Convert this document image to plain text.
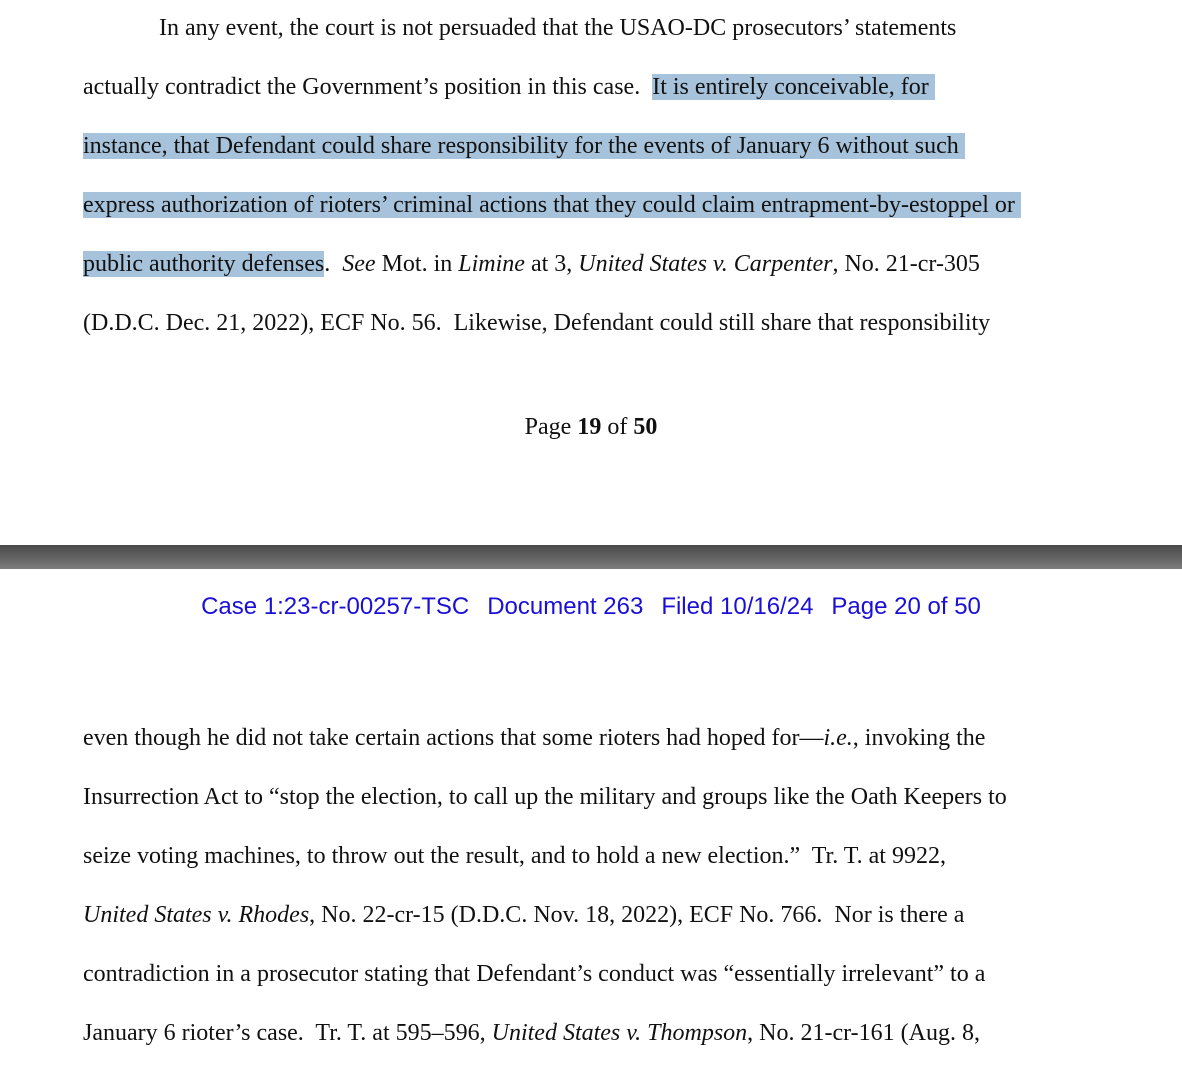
In any event, the court is not persuaded that the USAO-DC prosecutors’ statements
actually contradict the Government’s position in this case.  It is entirely conceivable, for
instance, that Defendant could share responsibility for the events of January 6 without such
express authorization of rioters’ criminal actions that they could claim entrapment-by-estoppel or
public authority defenses.  See Mot. in Limine at 3, United States v. Carpenter, No. 21-cr-305
(D.D.C. Dec. 21, 2022), ECF No. 56.  Likewise, Defendant could still share that responsibility
Page 19 of 50
Case 1:23-cr-00257-TSC Document 263 Filed 10/16/24 Page 20 of 50
even though he did not take certain actions that some rioters had hoped for—i.e., invoking the
Insurrection Act to “stop the election, to call up the military and groups like the Oath Keepers to
seize voting machines, to throw out the result, and to hold a new election.”  Tr. T. at 9922,
United States v. Rhodes, No. 22-cr-15 (D.D.C. Nov. 18, 2022), ECF No. 766.  Nor is there a
contradiction in a prosecutor stating that Defendant’s conduct was “essentially irrelevant” to a
January 6 rioter’s case.  Tr. T. at 595–596, United States v. Thompson, No. 21-cr-161 (Aug. 8,
